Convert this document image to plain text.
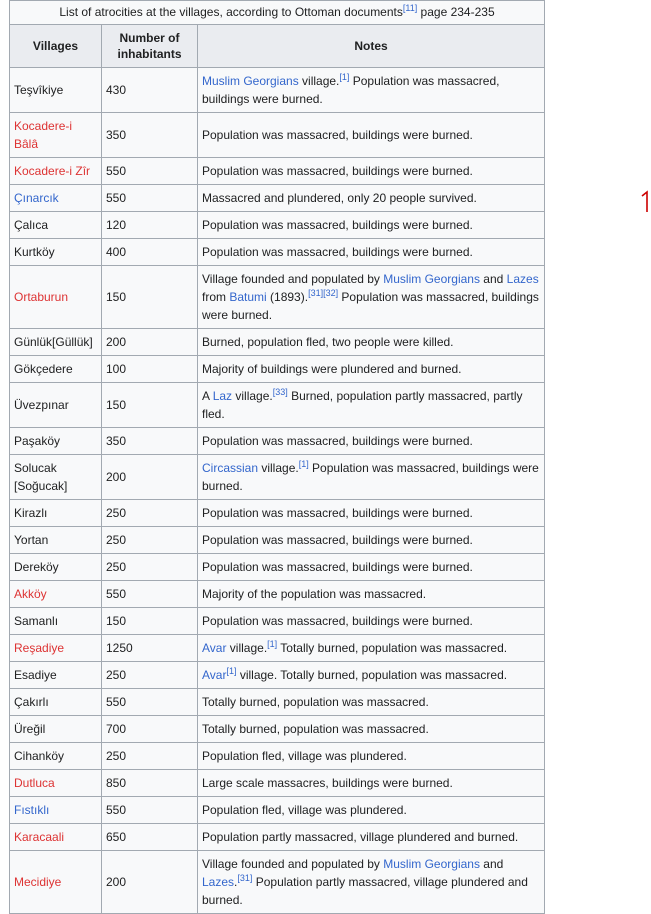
List of atrocities at the villages, according to Ottoman documents[11] page 234-235
Villages	Number of inhabitants	Notes
Teşvîkiye	430	Muslim Georgians village.[1] Population was massacred, buildings were burned.
Kocadere-i Bâlâ	350	Population was massacred, buildings were burned.
Kocadere-i Zîr	550	Population was massacred, buildings were burned.
Çınarcık	550	Massacred and plundered, only 20 people survived.
Çalıca	120	Population was massacred, buildings were burned.
Kurtköy	400	Population was massacred, buildings were burned.
Ortaburun	150	Village founded and populated by Muslim Georgians and Lazes from Batumi (1893).[31][32] Population was massacred, buildings were burned.
Günlük[Güllük]	200	Burned, population fled, two people were killed.
Gökçedere	100	Majority of buildings were plundered and burned.
Üvezpınar	150	A Laz village.[33] Burned, population partly massacred, partly fled.
Paşaköy	350	Population was massacred, buildings were burned.
Solucak [Soğucak]	200	Circassian village.[1] Population was massacred, buildings were burned.
Kirazlı	250	Population was massacred, buildings were burned.
Yortan	250	Population was massacred, buildings were burned.
Dereköy	250	Population was massacred, buildings were burned.
Akköy	550	Majority of the population was massacred.
Samanlı	150	Population was massacred, buildings were burned.
Reşadiye	1250	Avar village.[1] Totally burned, population was massacred.
Esadiye	250	Avar[1] village. Totally burned, population was massacred.
Çakırlı	550	Totally burned, population was massacred.
Üreğil	700	Totally burned, population was massacred.
Cihanköy	250	Population fled, village was plundered.
Dutluca	850	Large scale massacres, buildings were burned.
Fıstıklı	550	Population fled, village was plundered.
Karacaali	650	Population partly massacred, village plundered and burned.
Mecidiye	200	Village founded and populated by Muslim Georgians and Lazes.[31] Population partly massacred, village plundered and burned.
